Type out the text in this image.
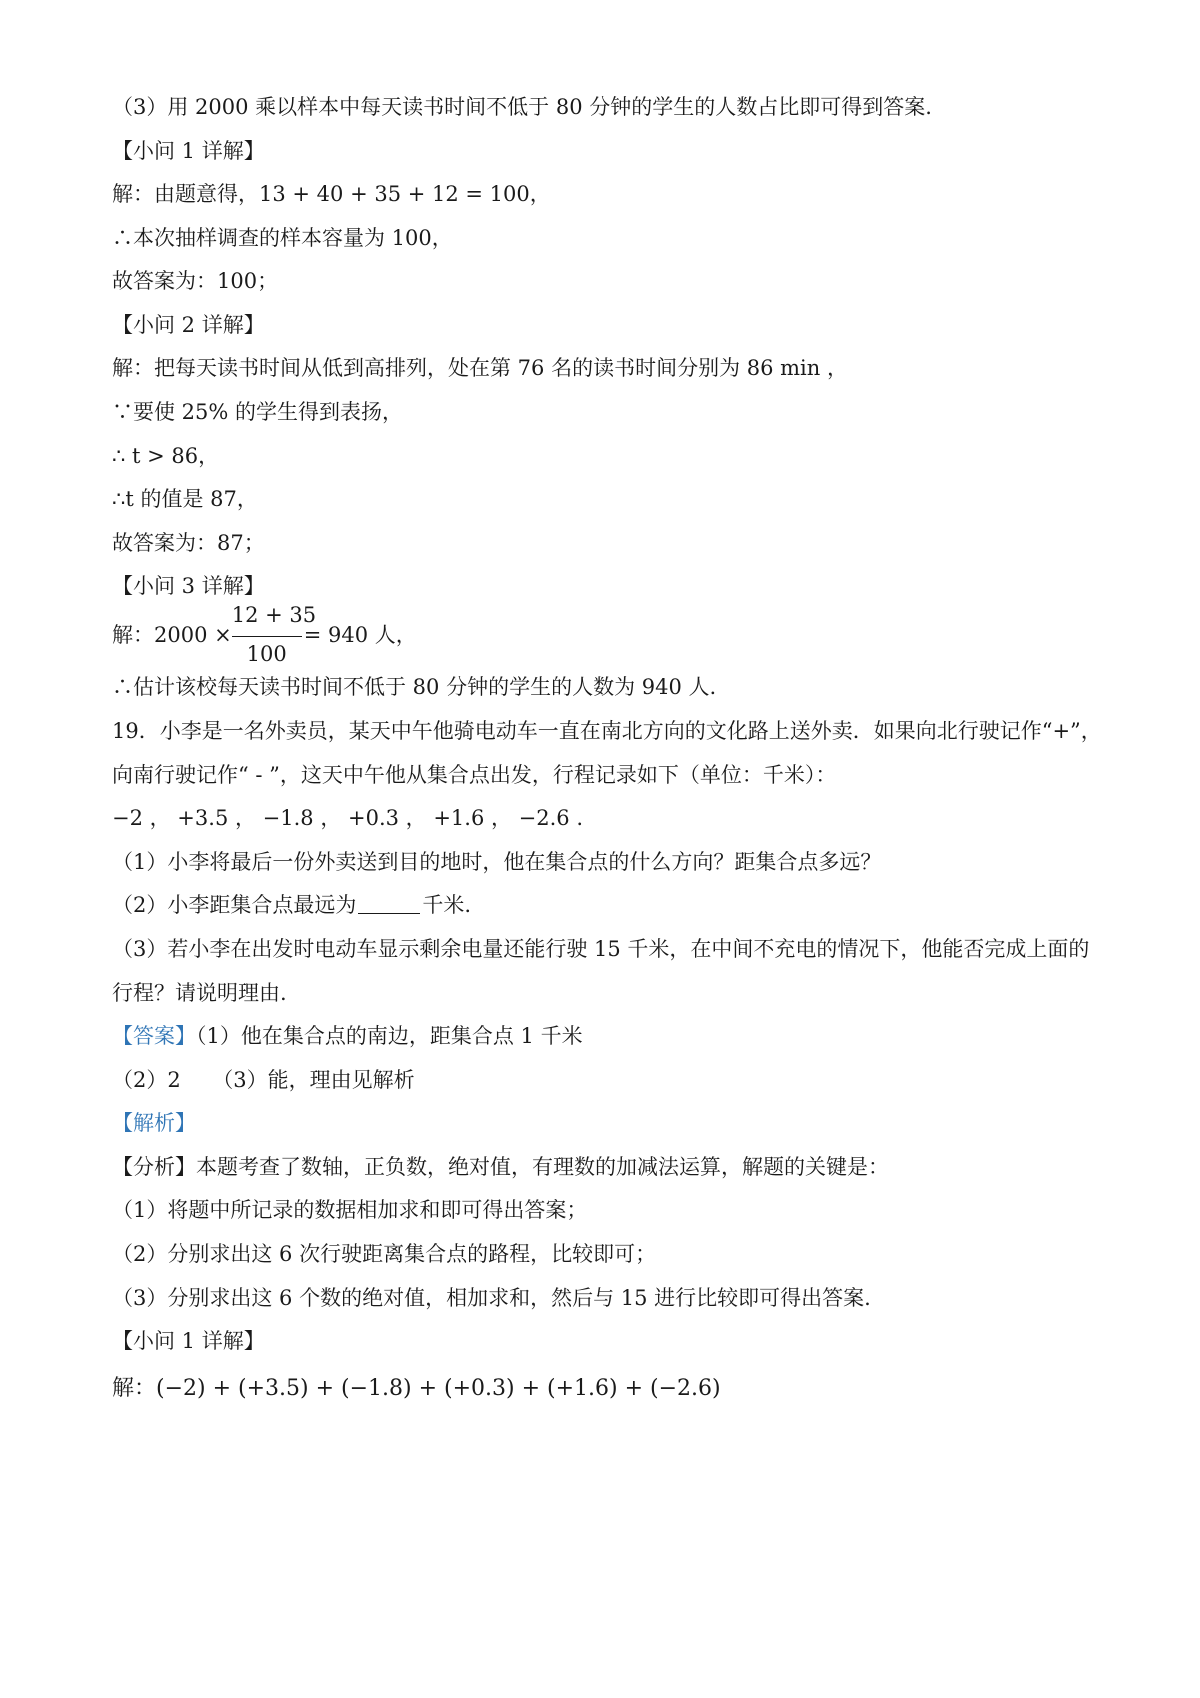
（3）用 2000 乘以样本中每天读书时间不低于 80 分钟的学生的人数占比即可得到答案.
【小问 1 详解】
解：由题意得，13 + 40 + 35 + 12 = 100，
∴本次抽样调查的样本容量为 100，
故答案为：100；
【小问 2 详解】
解：把每天读书时间从低到高排列，处在第 76 名的读书时间分别为 86 min ，
∵要使 25% 的学生得到表扬，
∴ t > 86，
∴t 的值是 87，
故答案为：87；
【小问 3 详解】
解：2000 ×
12 + 35
100
= 940 人，
∴估计该校每天读书时间不低于 80 分钟的学生的人数为 940 人.
19．小李是一名外卖员，某天中午他骑电动车一直在南北方向的文化路上送外卖．如果向北行驶记作“+”，
向南行驶记作“ - ”，这天中午他从集合点出发，行程记录如下（单位：千米）：
−2 ， +3.5 ， −1.8 ， +0.3 ， +1.6 ， −2.6 .
（1）小李将最后一份外卖送到目的地时，他在集合点的什么方向？距集合点多远？
（2）小李距集合点最远为	千米.
（3）若小李在出发时电动车显示剩余电量还能行驶 15 千米，在中间不充电的情况下，他能否完成上面的
行程？请说明理由.
【答案】（1）他在集合点的南边，距集合点 1 千米
（2）2　　（3）能，理由见解析
【解析】
【分析】本题考查了数轴，正负数，绝对值，有理数的加减法运算，解题的关键是：
（1）将题中所记录的数据相加求和即可得出答案；
（2）分别求出这 6 次行驶距离集合点的路程，比较即可；
（3）分别求出这 6 个数的绝对值，相加求和，然后与 15 进行比较即可得出答案.
【小问 1 详解】
解：(−2) + (+3.5) + (−1.8) + (+0.3) + (+1.6) + (−2.6)
